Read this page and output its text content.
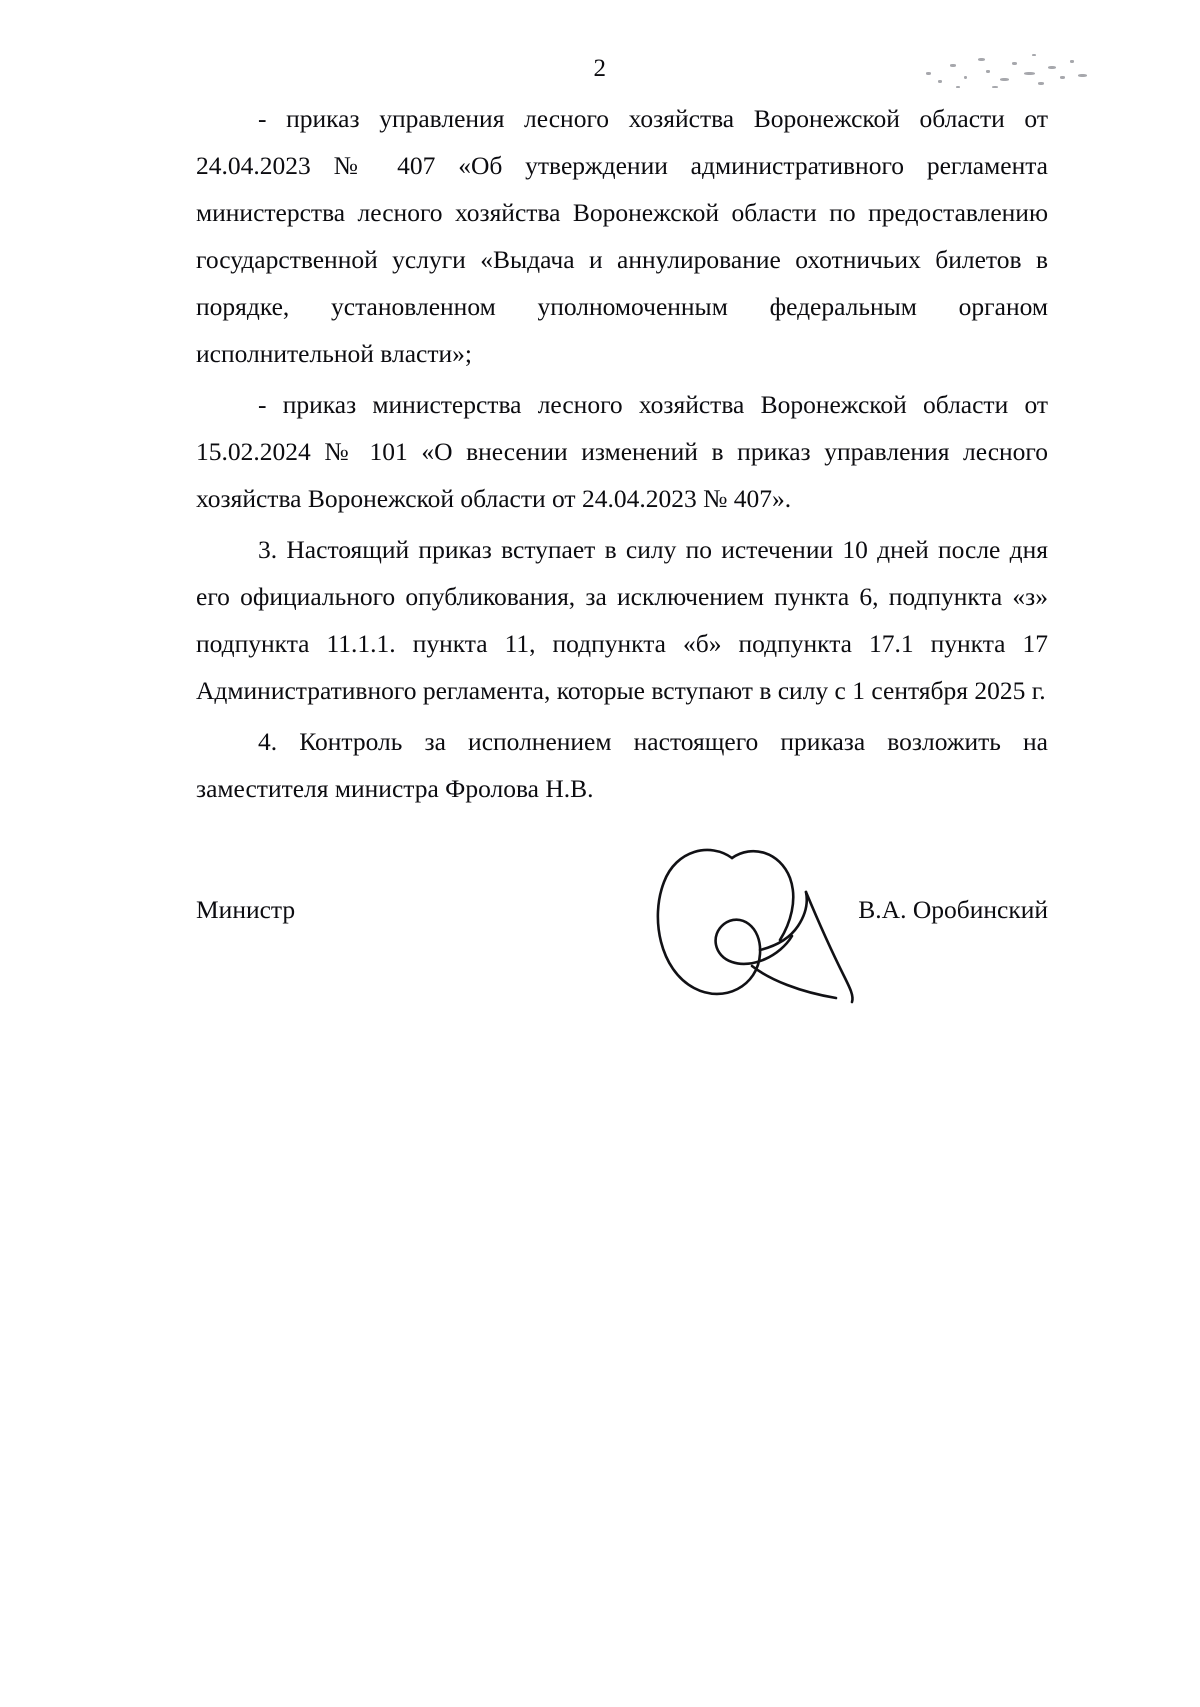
2

- приказ управления лесного хозяйства Воронежской области от 24.04.2023 № 407 «Об утверждении административного регламента министерства лесного хозяйства Воронежской области по предоставлению государственной услуги «Выдача и аннулирование охотничьих билетов в порядке, установленном уполномоченным федеральным органом исполнительной власти»;

- приказ министерства лесного хозяйства Воронежской области от 15.02.2024 № 101 «О внесении изменений в приказ управления лесного хозяйства Воронежской области от 24.04.2023 № 407».

3. Настоящий приказ вступает в силу по истечении 10 дней после дня его официального опубликования, за исключением пункта 6, подпункта «з» подпункта 11.1.1. пункта 11, подпункта «б» подпункта 17.1 пункта 17 Административного регламента, которые вступают в силу с 1 сентября 2025 г.

4. Контроль за исполнением настоящего приказа возложить на заместителя министра Фролова Н.В.

Министр	В.А. Оробинский
